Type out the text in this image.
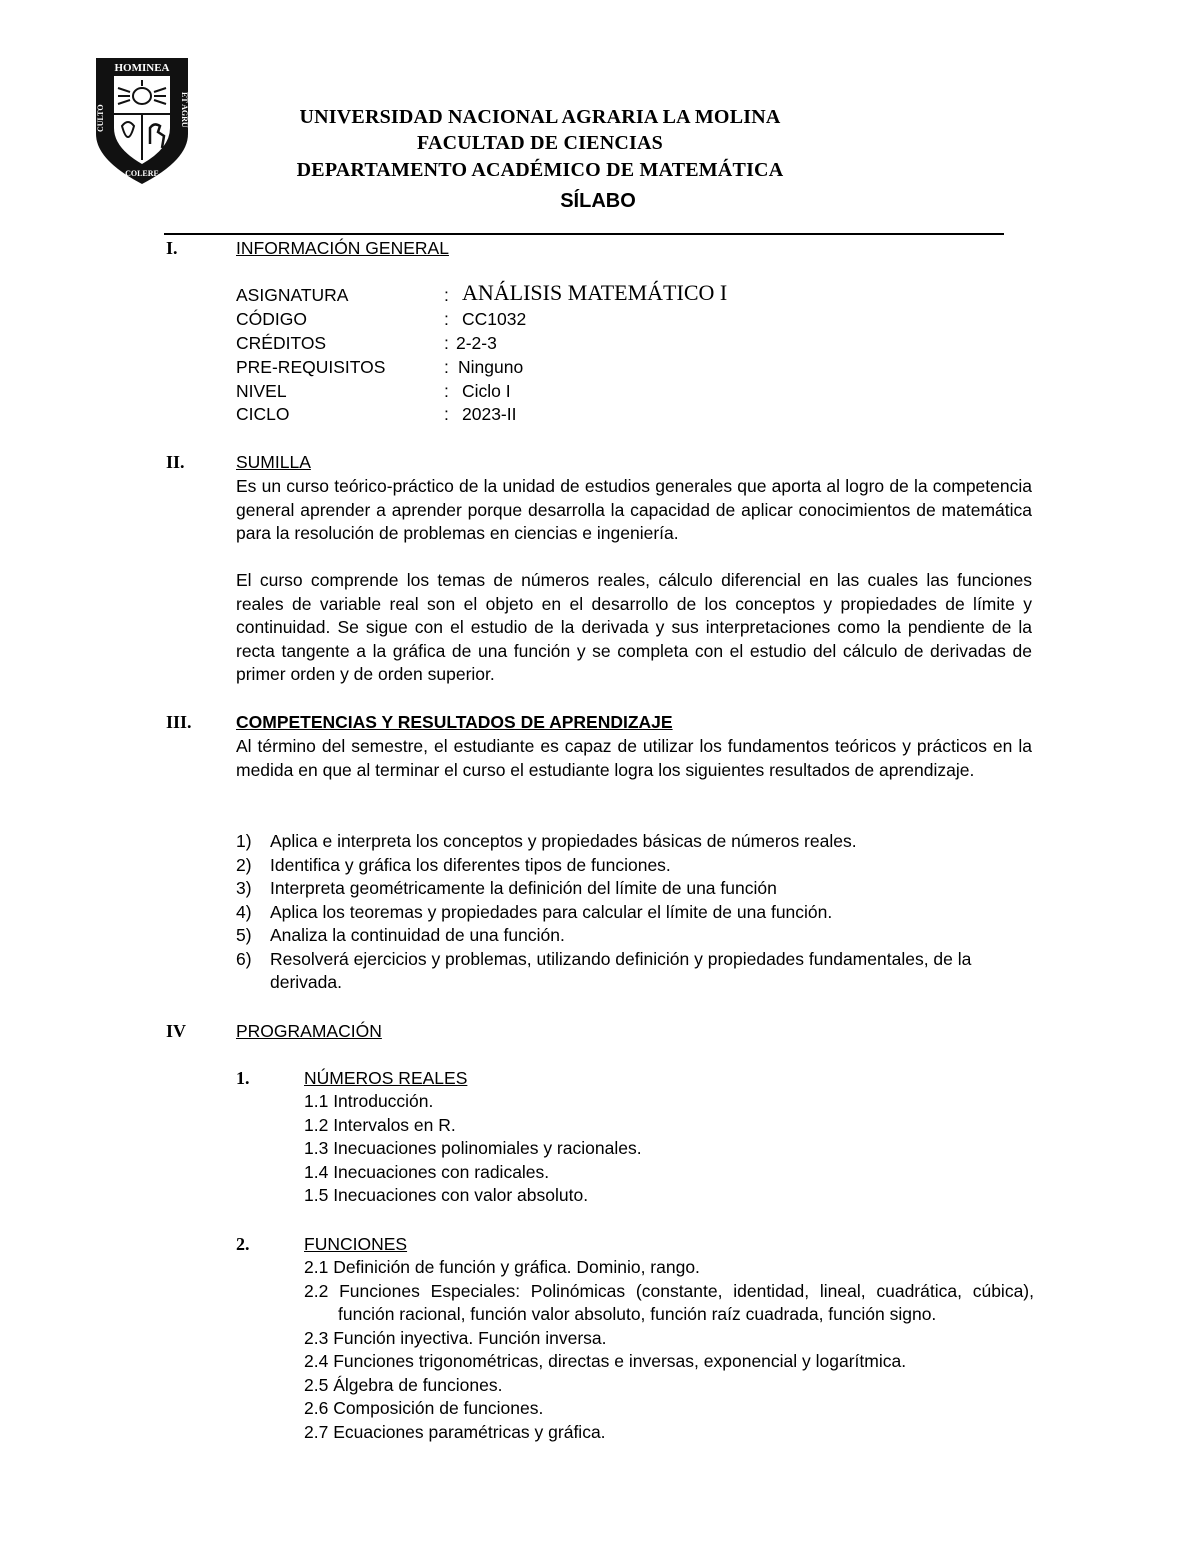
HOMINEA
ET AGRU
CULTO
COLERE
UNIVERSIDAD NACIONAL AGRARIA LA MOLINA
FACULTAD DE CIENCIAS
DEPARTAMENTO ACADÉMICO DE MATEMÁTICA
SÍLABO
I.	INFORMACIÓN GENERAL
ASIGNATURA	: ANÁLISIS MATEMÁTICO I
CÓDIGO	: CC1032
CRÉDITOS	: 2-2-3
PRE-REQUISITOS	: Ninguno
NIVEL	: Ciclo I
CICLO	: 2023-II
II.	SUMILLA

Es un curso teórico-práctico de la unidad de estudios generales que aporta al logro de la competencia general aprender a aprender porque desarrolla la capacidad de aplicar conocimientos de matemática para la resolución de problemas en ciencias e ingeniería.

El curso comprende los temas de números reales, cálculo diferencial en las cuales las funciones reales de variable real son el objeto en el desarrollo de los conceptos y propiedades de límite y continuidad. Se sigue con el estudio de la derivada y sus interpretaciones como la pendiente de la recta tangente a la gráfica de una función y se completa con el estudio del cálculo de derivadas de primer orden y de orden superior.

III.	COMPETENCIAS Y RESULTADOS DE APRENDIZAJE

Al término del semestre, el estudiante es capaz de utilizar los fundamentos teóricos y prácticos en la medida en que al terminar el curso el estudiante logra los siguientes resultados de aprendizaje.

1) Aplica e interpreta los conceptos y propiedades básicas de números reales.
2) Identifica y gráfica los diferentes tipos de funciones.
3) Interpreta geométricamente la definición del límite de una función
4) Aplica los teoremas y propiedades para calcular el límite de una función.
5) Analiza la continuidad de una función.
6) Resolverá ejercicios y problemas, utilizando definición y propiedades fundamentales, de la derivada.
IV	PROGRAMACIÓN
1.	NÚMEROS REALES
1.1 Introducción.
1.2 Intervalos en R.
1.3 Inecuaciones polinomiales y racionales.
1.4 Inecuaciones con radicales.
1.5 Inecuaciones con valor absoluto.
2.	FUNCIONES
2.1 Definición de función y gráfica. Dominio, rango.
2.2 Funciones Especiales: Polinómicas (constante, identidad, lineal, cuadrática, cúbica), función racional, función valor absoluto, función raíz cuadrada, función signo.
2.3 Función inyectiva. Función inversa.
2.4 Funciones trigonométricas, directas e inversas, exponencial y logarítmica.
2.5 Álgebra de funciones.
2.6 Composición de funciones.
2.7 Ecuaciones paramétricas y gráfica.
